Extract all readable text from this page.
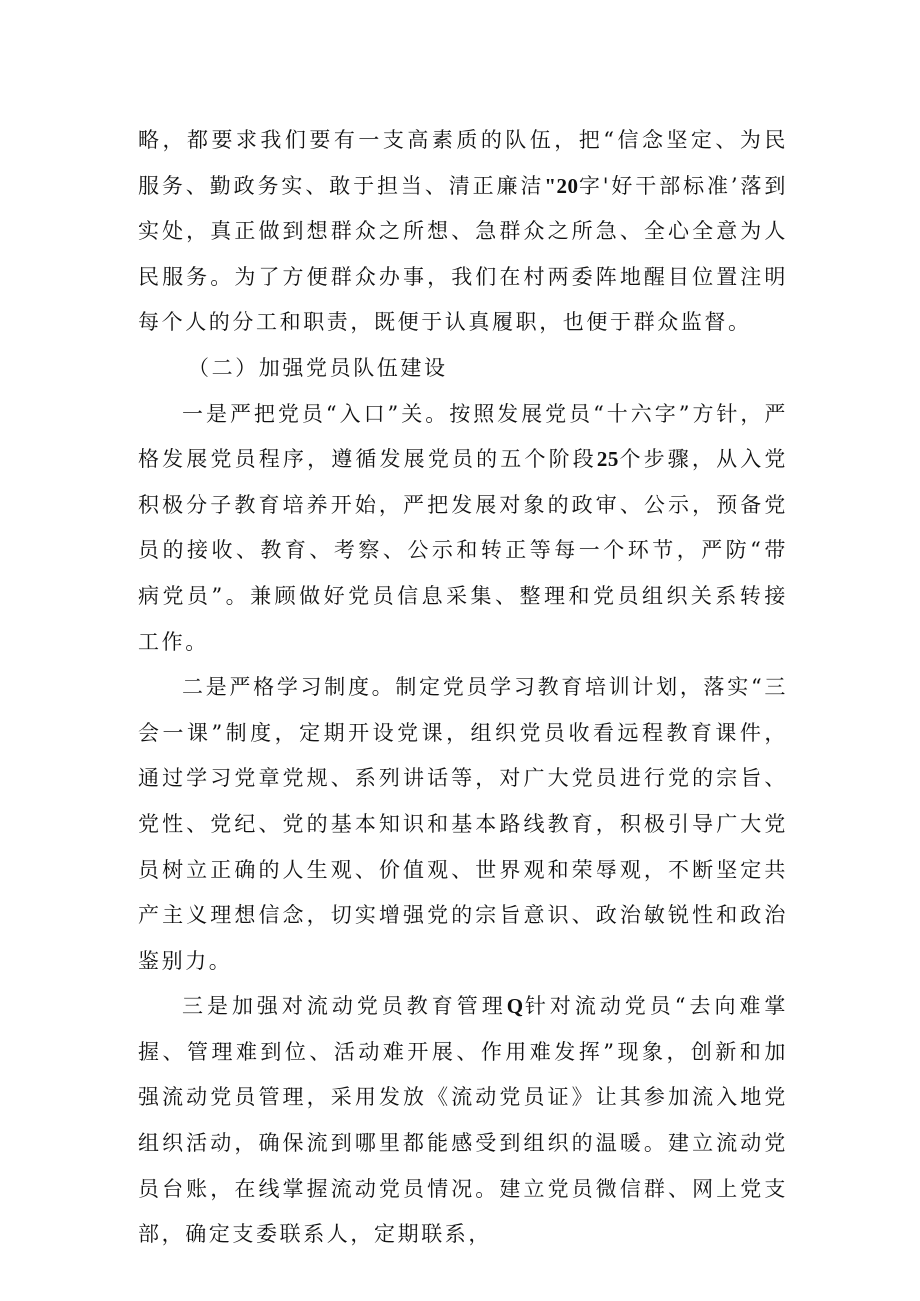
略，都要求我们要有一支高素质的队伍，把“信念坚定、为民服务、勤政务实、敢于担当、清正廉洁"20字'好干部标准’落到实处，真正做到想群众之所想、急群众之所急、全心全意为人民服务。为了方便群众办事，我们在村两委阵地醒目位置注明每个人的分工和职责，既便于认真履职，也便于群众监督。

（二）加强党员队伍建设

一是严把党员“入口”关。按照发展党员“十六字”方针，严格发展党员程序，遵循发展党员的五个阶段25个步骤，从入党积极分子教育培养开始，严把发展对象的政审、公示，预备党员的接收、教育、考察、公示和转正等每一个环节，严防“带病党员”。兼顾做好党员信息采集、整理和党员组织关系转接工作。

二是严格学习制度。制定党员学习教育培训计划，落实“三会一课”制度，定期开设党课，组织党员收看远程教育课件，通过学习党章党规、系列讲话等，对广大党员进行党的宗旨、党性、党纪、党的基本知识和基本路线教育，积极引导广大党员树立正确的人生观、价值观、世界观和荣辱观，不断坚定共产主义理想信念，切实增强党的宗旨意识、政治敏锐性和政治鉴别力。

三是加强对流动党员教育管理Q针对流动党员“去向难掌握、管理难到位、活动难开展、作用难发挥”现象，创新和加强流动党员管理，采用发放《流动党员证》让其参加流入地党组织活动，确保流到哪里都能感受到组织的温暖。建立流动党员台账，在线掌握流动党员情况。建立党员微信群、网上党支部，确定支委联系人，定期联系，
